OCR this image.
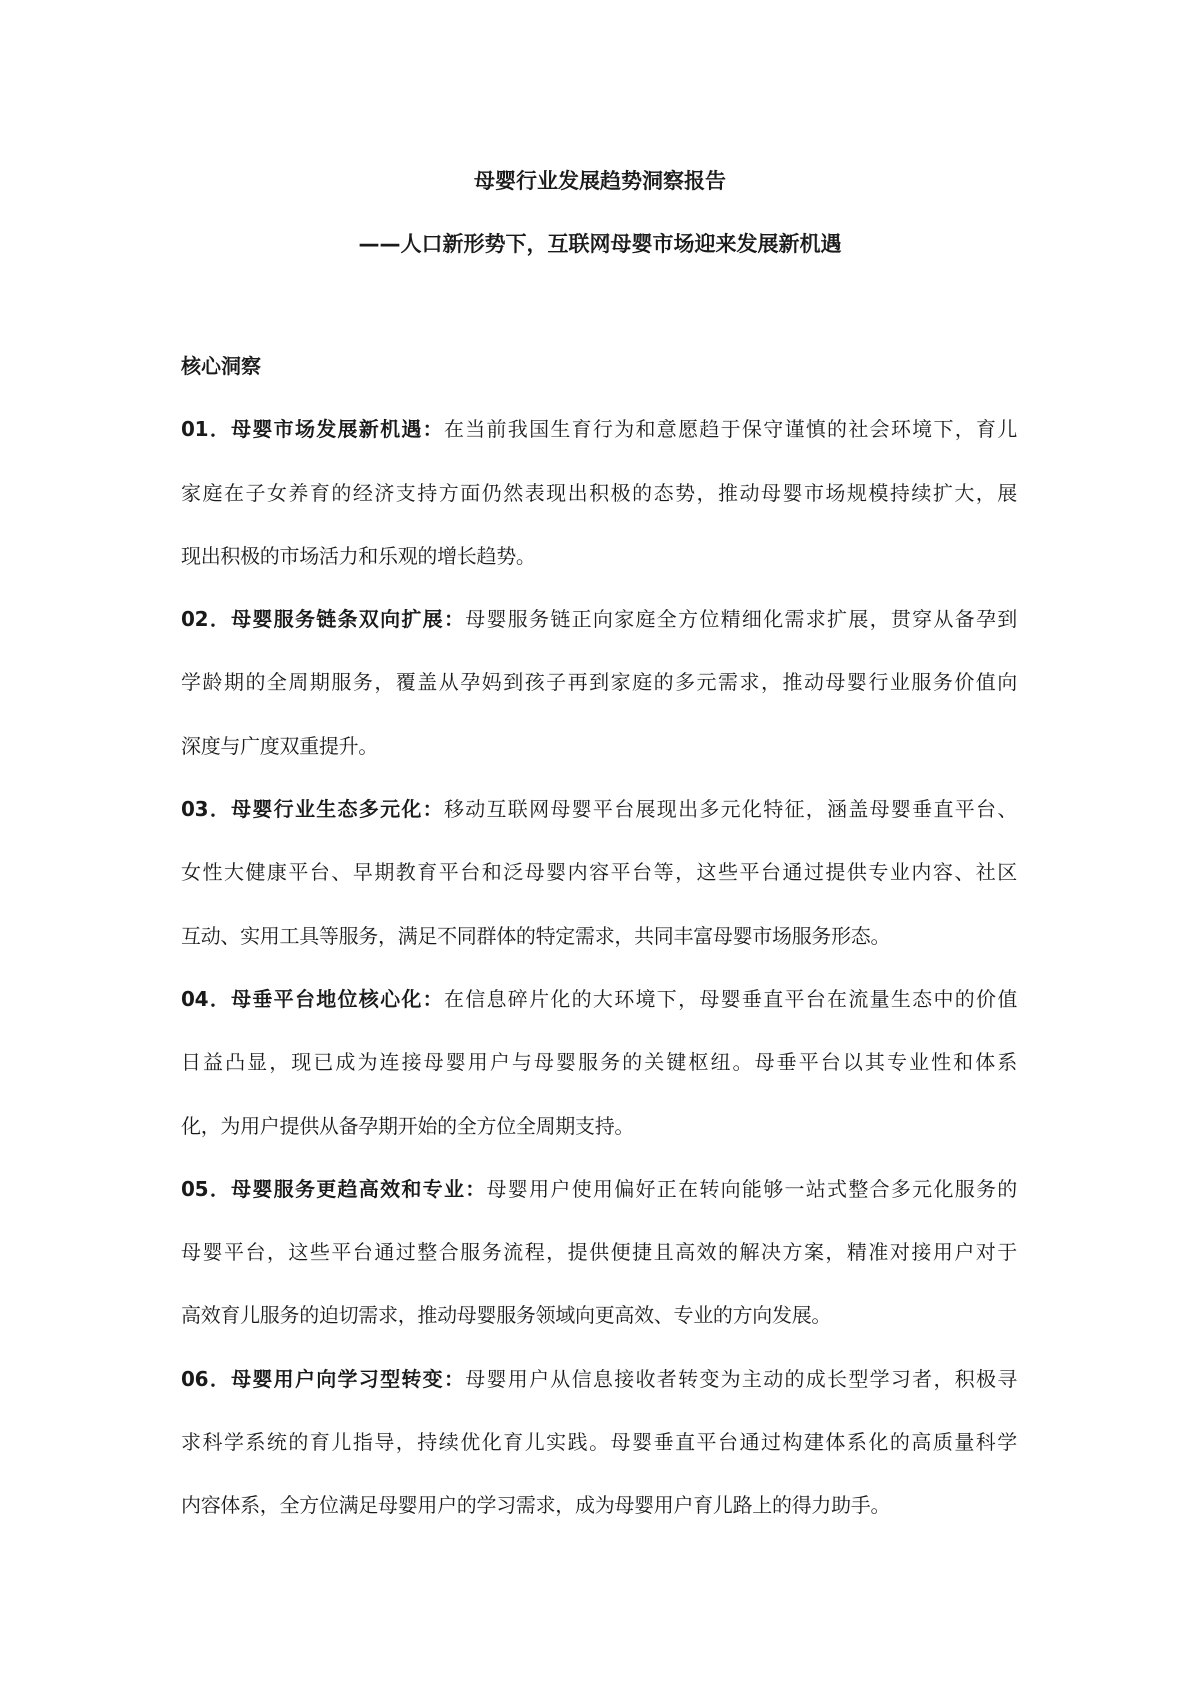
母婴行业发展趋势洞察报告
——人口新形势下，互联网母婴市场迎来发展新机遇
核心洞察
01．母婴市场发展新机遇：在当前我国生育行为和意愿趋于保守谨慎的社会环境下，育儿
家庭在子女养育的经济支持方面仍然表现出积极的态势，推动母婴市场规模持续扩大，展
现出积极的市场活力和乐观的增长趋势。
02．母婴服务链条双向扩展：母婴服务链正向家庭全方位精细化需求扩展，贯穿从备孕到
学龄期的全周期服务，覆盖从孕妈到孩子再到家庭的多元需求，推动母婴行业服务价值向
深度与广度双重提升。
03．母婴行业生态多元化：移动互联网母婴平台展现出多元化特征，涵盖母婴垂直平台、
女性大健康平台、早期教育平台和泛母婴内容平台等，这些平台通过提供专业内容、社区
互动、实用工具等服务，满足不同群体的特定需求，共同丰富母婴市场服务形态。
04．母垂平台地位核心化：在信息碎片化的大环境下，母婴垂直平台在流量生态中的价值
日益凸显，现已成为连接母婴用户与母婴服务的关键枢纽。母垂平台以其专业性和体系
化，为用户提供从备孕期开始的全方位全周期支持。
05．母婴服务更趋高效和专业：母婴用户使用偏好正在转向能够一站式整合多元化服务的
母婴平台，这些平台通过整合服务流程，提供便捷且高效的解决方案，精准对接用户对于
高效育儿服务的迫切需求，推动母婴服务领域向更高效、专业的方向发展。
06．母婴用户向学习型转变：母婴用户从信息接收者转变为主动的成长型学习者，积极寻
求科学系统的育儿指导，持续优化育儿实践。母婴垂直平台通过构建体系化的高质量科学
内容体系，全方位满足母婴用户的学习需求，成为母婴用户育儿路上的得力助手。
